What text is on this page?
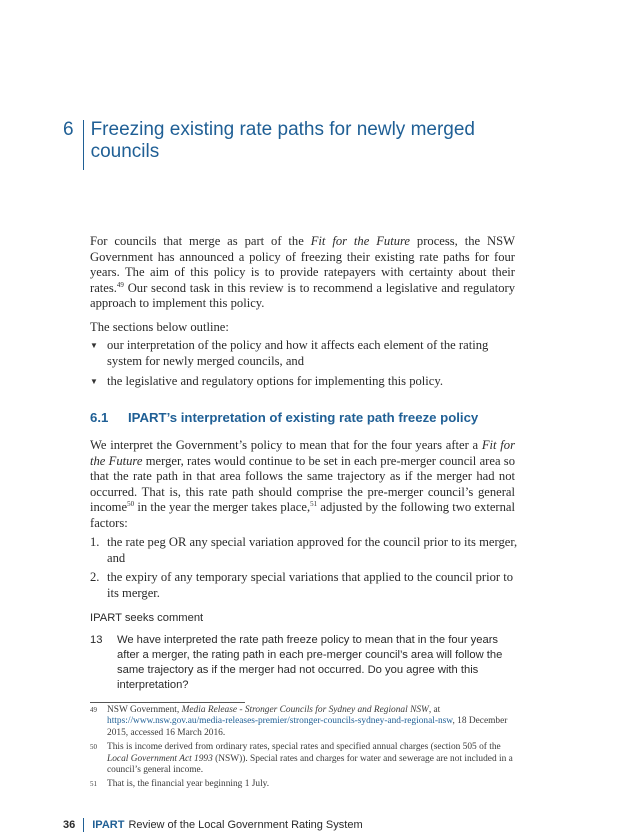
6 Freezing existing rate paths for newly merged councils

For councils that merge as part of the Fit for the Future process, the NSW Government has announced a policy of freezing their existing rate paths for four years. The aim of this policy is to provide ratepayers with certainty about their rates.$^{49}$ Our second task in this review is to recommend a legislative and regulatory approach to implement this policy.

The sections below outline:

▼ our interpretation of the policy and how it affects each element of the rating system for newly merged councils, and
▼ the legislative and regulatory options for implementing this policy.
6.1	IPART’s interpretation of existing rate path freeze policy

We interpret the Government’s policy to mean that for the four years after a Fit for the Future merger, rates would continue to be set in each pre-merger council area so that the rate path in that area follows the same trajectory as if the merger had not occurred. That is, this rate path should comprise the pre-merger council’s general income$^{50}$ in the year the merger takes place,$^{51}$ adjusted by the following two external factors:

1. the rate peg OR any special variation approved for the council prior to its merger, and
2. the expiry of any temporary special variations that applied to the council prior to its merger.
IPART seeks comment
13	We have interpreted the rate path freeze policy to mean that in the four years after a merger, the rating path in each pre-merger council’s area will follow the same trajectory as if the merger had not occurred. Do you agree with this interpretation?
49	NSW Government, Media Release - Stronger Councils for Sydney and Regional NSW, at https://www.nsw.gov.au/media-releases-premier/stronger-councils-sydney-and-regional-nsw, 18 December 2015, accessed 16 March 2016.
50	This is income derived from ordinary rates, special rates and specified annual charges (section 505 of the Local Government Act 1993 (NSW)). Special rates and charges for water and sewerage are not included in a council’s general income.
51	That is, the financial year beginning 1 July.
36 IPART Review of the Local Government Rating System
